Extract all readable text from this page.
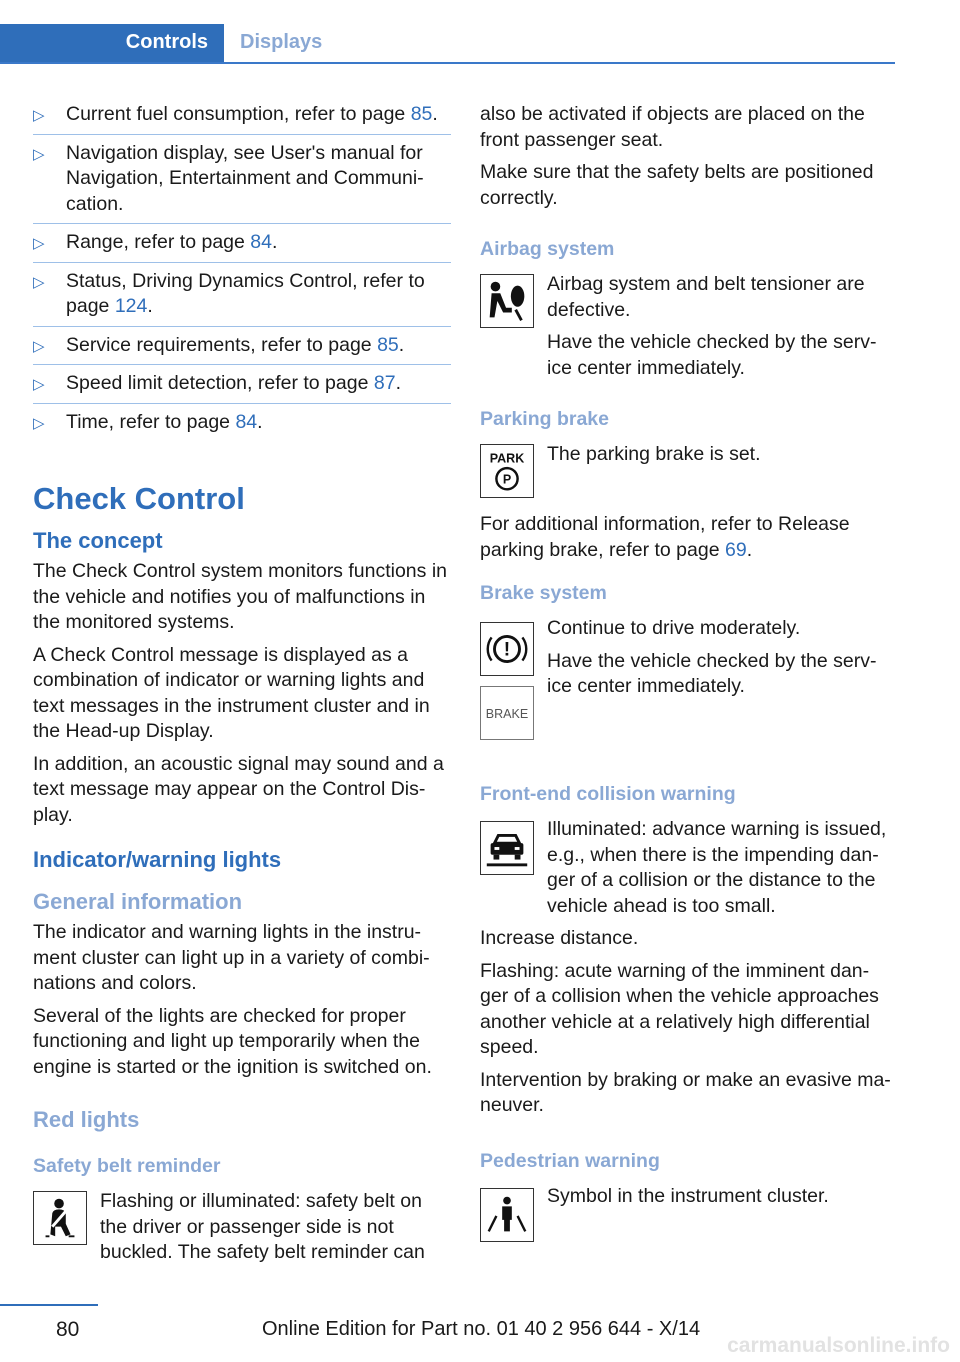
Controls	Displays
▷ Current fuel consumption, refer to page 85.
▷ Navigation display, see User's manual for Navigation, Entertainment and Communi-cation.
▷ Range, refer to page 84.
▷ Status, Driving Dynamics Control, refer to page 124.
▷ Service requirements, refer to page 85.
▷ Speed limit detection, refer to page 87.
▷ Time, refer to page 84.
Check Control
The concept

The Check Control system monitors functions in the vehicle and notifies you of malfunctions in the monitored systems.

A Check Control message is displayed as a combination of indicator or warning lights and text messages in the instrument cluster and in the Head-up Display.

In addition, an acoustic signal may sound and a text message may appear on the Control Dis-play.

Indicator/warning lights
General information

The indicator and warning lights in the instru-ment cluster can light up in a variety of combi-nations and colors.

Several of the lights are checked for proper functioning and light up temporarily when the engine is started or the ignition is switched on.

Red lights
Safety belt reminder
Flashing or illuminated: safety belt on the driver or passenger side is not buckled. The safety belt reminder can

also be activated if objects are placed on the front passenger seat.

Make sure that the safety belts are positioned correctly.

Airbag system

Airbag system and belt tensioner are defective.

Have the vehicle checked by the serv-ice center immediately.

Parking brake
PARK
P

The parking brake is set.

For additional information, refer to Release parking brake, refer to page 69.

Brake system
!
BRAKE

Continue to drive moderately.

Have the vehicle checked by the serv-ice center immediately.

Front-end collision warning

Illuminated: advance warning is issued, e.g., when there is the impending dan-ger of a collision or the distance to the vehicle ahead is too small.

Increase distance.

Flashing: acute warning of the imminent dan-ger of a collision when the vehicle approaches another vehicle at a relatively high differential speed.

Intervention by braking or make an evasive ma-neuver.

Pedestrian warning

Symbol in the instrument cluster.

80	Online Edition for Part no. 01 40 2 956 644 - X/14
carmanualsonline.info
